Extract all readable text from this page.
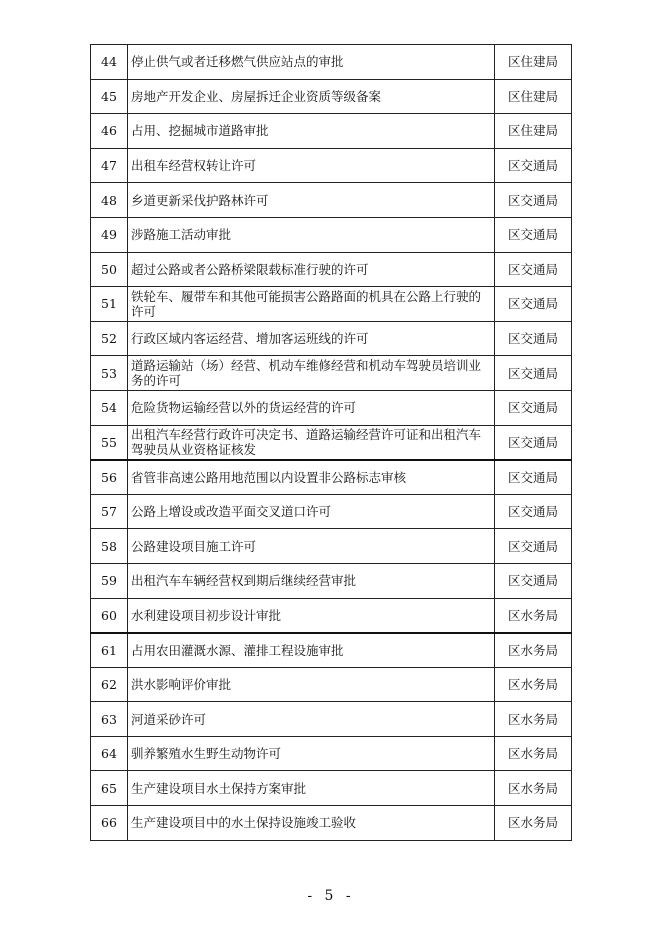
44	停止供气或者迁移燃气供应站点的审批	区住建局
45	房地产开发企业、房屋拆迁企业资质等级备案	区住建局
46	占用、挖掘城市道路审批	区住建局
47	出租车经营权转让许可	区交通局
48	乡道更新采伐护路林许可	区交通局
49	涉路施工活动审批	区交通局
50	超过公路或者公路桥梁限载标准行驶的许可	区交通局
51	铁轮车、履带车和其他可能损害公路路面的机具在公路上行驶的许可	区交通局
52	行政区域内客运经营、增加客运班线的许可	区交通局
53	道路运输站（场）经营、机动车维修经营和机动车驾驶员培训业务的许可	区交通局
54	危险货物运输经营以外的货运经营的许可	区交通局
55	出租汽车经营行政许可决定书、道路运输经营许可证和出租汽车驾驶员从业资格证核发	区交通局
56	省管非高速公路用地范围以内设置非公路标志审核	区交通局
57	公路上增设或改造平面交叉道口许可	区交通局
58	公路建设项目施工许可	区交通局
59	出租汽车车辆经营权到期后继续经营审批	区交通局
60	水利建设项目初步设计审批	区水务局
61	占用农田灌溉水源、灌排工程设施审批	区水务局
62	洪水影响评价审批	区水务局
63	河道采砂许可	区水务局
64	驯养繁殖水生野生动物许可	区水务局
65	生产建设项目水土保持方案审批	区水务局
66	生产建设项目中的水土保持设施竣工验收	区水务局
- 5 -
